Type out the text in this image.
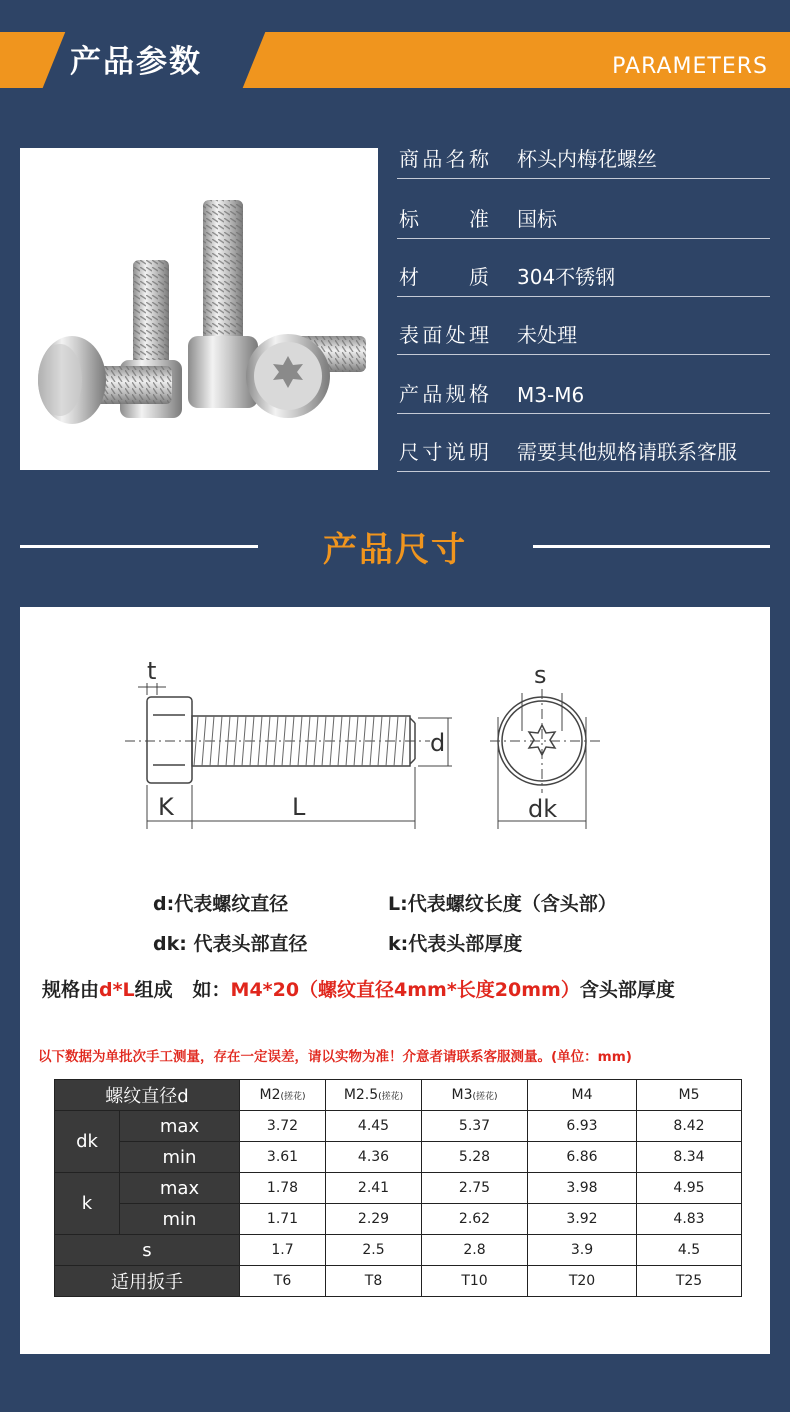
产品参数	PARAMETERS
商品名称 杯头内梅花螺丝
标准 国标
材质 304不锈钢
表面处理 未处理
产品规格 M3-M6
尺寸说明 需要其他规格请联系客服
产品尺寸
t
K	L
d
s
dk
d:代表螺纹直径	L:代表螺纹长度（含头部）
dk: 代表头部直径	k:代表头部厚度
规格由d*L组成   如：M4*20（螺纹直径4mm*长度20mm）含头部厚度
以下数据为单批次手工测量，存在一定误差，请以实物为准！介意者请联系客服测量。(单位：mm)
螺纹直径d		M2(搓花)	M2.5(搓花)	M3(搓花)	M4	M5
dk	max	3.72	4.45	5.37	6.93	8.42
	min	3.61	4.36	5.28	6.86	8.34
k	max	1.78	2.41	2.75	3.98	4.95
	min	1.71	2.29	2.62	3.92	4.83
s		1.7	2.5	2.8	3.9	4.5
适用扳手		T6	T8	T10	T20	T25
